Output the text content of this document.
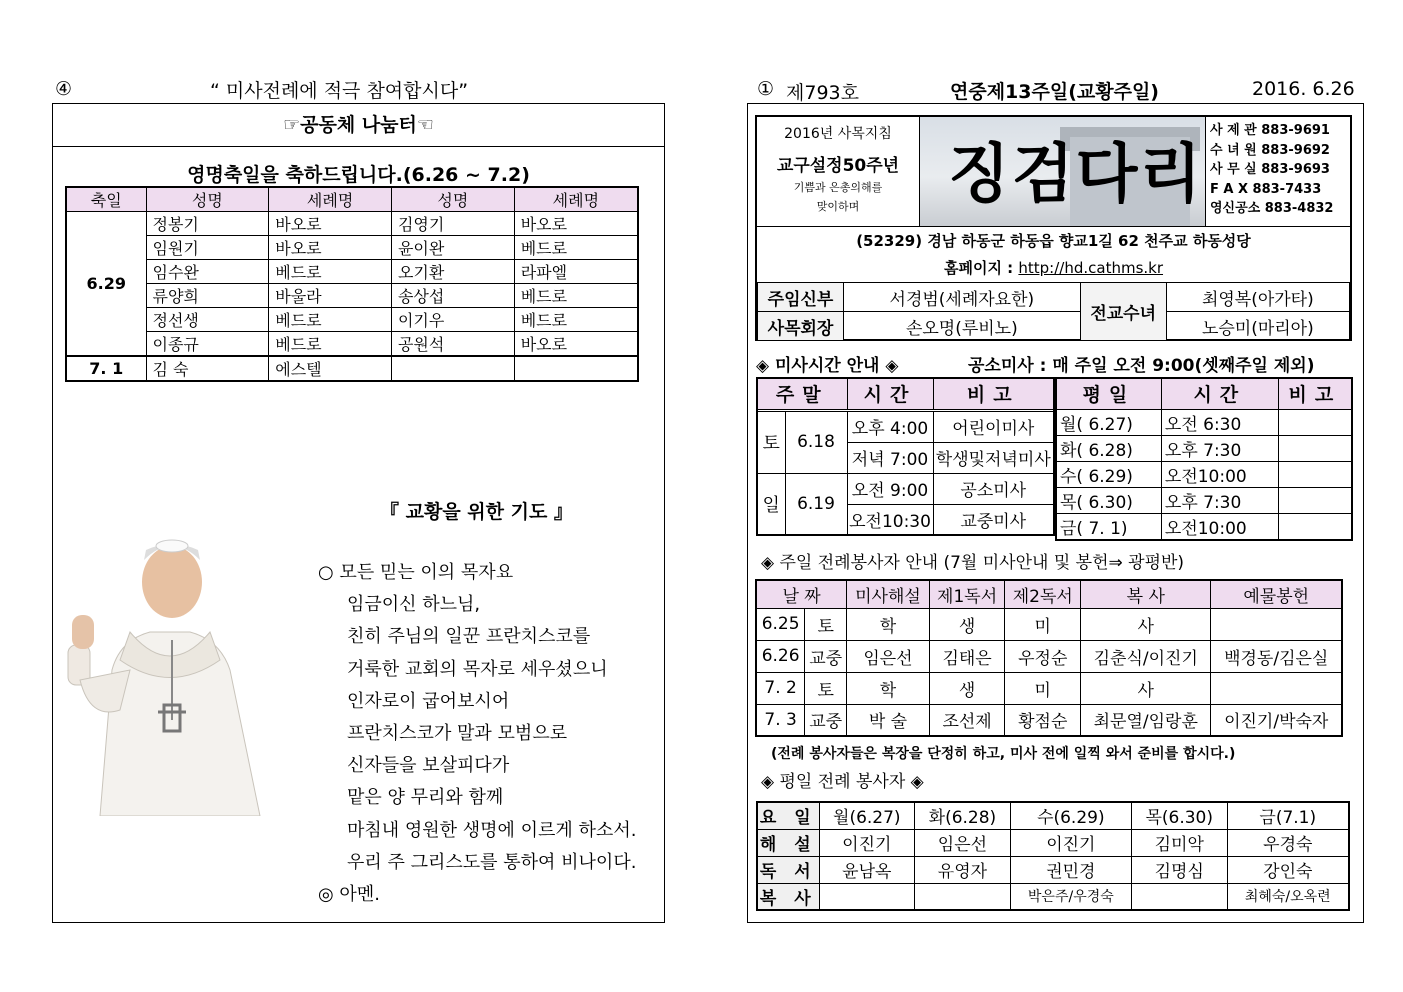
④	“ 미사전례에 적극 참여합시다”
☞공동체 나눔터☜
영명축일을 축하드립니다.(6.26 ~ 7.2)
축일	성명	세례명	성명	세례명
6.29	정봉기	바오로	김영기	바오로
	임원기	바오로	윤이완	베드로
	임수완	베드로	오기환	라파엘
	류양희	바울라	송상섭	베드로
	정선생	베드로	이기우	베드로
	이종규	베드로	공원석	바오로
7. 1	김 숙	에스텔		
『 교황을 위한 기도 』
○ 모든 믿는 이의 목자요
임금이신 하느님,
친히 주님의 일꾼 프란치스코를
거룩한 교회의 목자로 세우셨으니
인자로이 굽어보시어
프란치스코가 말과 모범으로
신자들을 보살피다가
맡은 양 무리와 함께
마침내 영원한 생명에 이르게 하소서.
우리 주 그리스도를 통하여 비나이다.
◎ 아멘.
① 제793호	연중제13주일(교황주일)	2016. 6.26
2016년 사목지침
교구설정50주년
기쁨과 은총의해를
맞이하며	징검다리
사 제 관 883-9691
수 녀 원 883-9692
사 무 실 883-9693
F A X 883-7433
영신공소 883-4832
(52329) 경남 하동군 하동읍 향교1길 62 천주교 하동성당
홈페이지 : http://hd.cathms.kr
주임신부	서경범(세례자요한)	전교수녀	최영복(아가타)
사목회장	손오명(루비노)		노승미(마리아)
◈ 미사시간 안내 ◈	공소미사 : 매 주일 오전 9:00(셋째주일 제외)
주말		시간	비고

토	6.18	오후 4:00	어린이미사
		저녁 7:00	학생및저녁미사
일	6.19	오전 9:00	공소미사
		오전10:30	교중미사
평일	시간	비고
월( 6.27)	오전 6:30	
화( 6.28)	오후 7:30	
수( 6.29)	오전10:00	
목( 6.30)	오후 7:30	
금( 7. 1)	오전10:00	
◈ 주일 전례봉사자 안내 (7월 미사안내 및 봉헌⇒ 광평반)
날 짜		미사해설	제1독서	제2독서	복 사	예물봉헌
6.25	토	학	생	미	사	
6.26	교중	임은선	김태은	우정순	김춘식/이진기	백경동/김은실
7. 2	토	학	생	미	사	
7. 3	교중	박 술	조선제	황점순	최문열/임랑훈	이진기/박숙자
(전례 봉사자들은 복장을 단정히 하고, 미사 전에 일찍 와서 준비를 합시다.)
◈ 평일 전례 봉사자 ◈
요 일	월(6.27)	화(6.28)	수(6.29)	목(6.30)	금(7.1)
해 설	이진기	임은선	이진기	김미악	우경숙
독 서	윤남옥	유영자	권민경	김명심	강인숙
복 사			박은주/우경숙		최혜숙/오옥련
